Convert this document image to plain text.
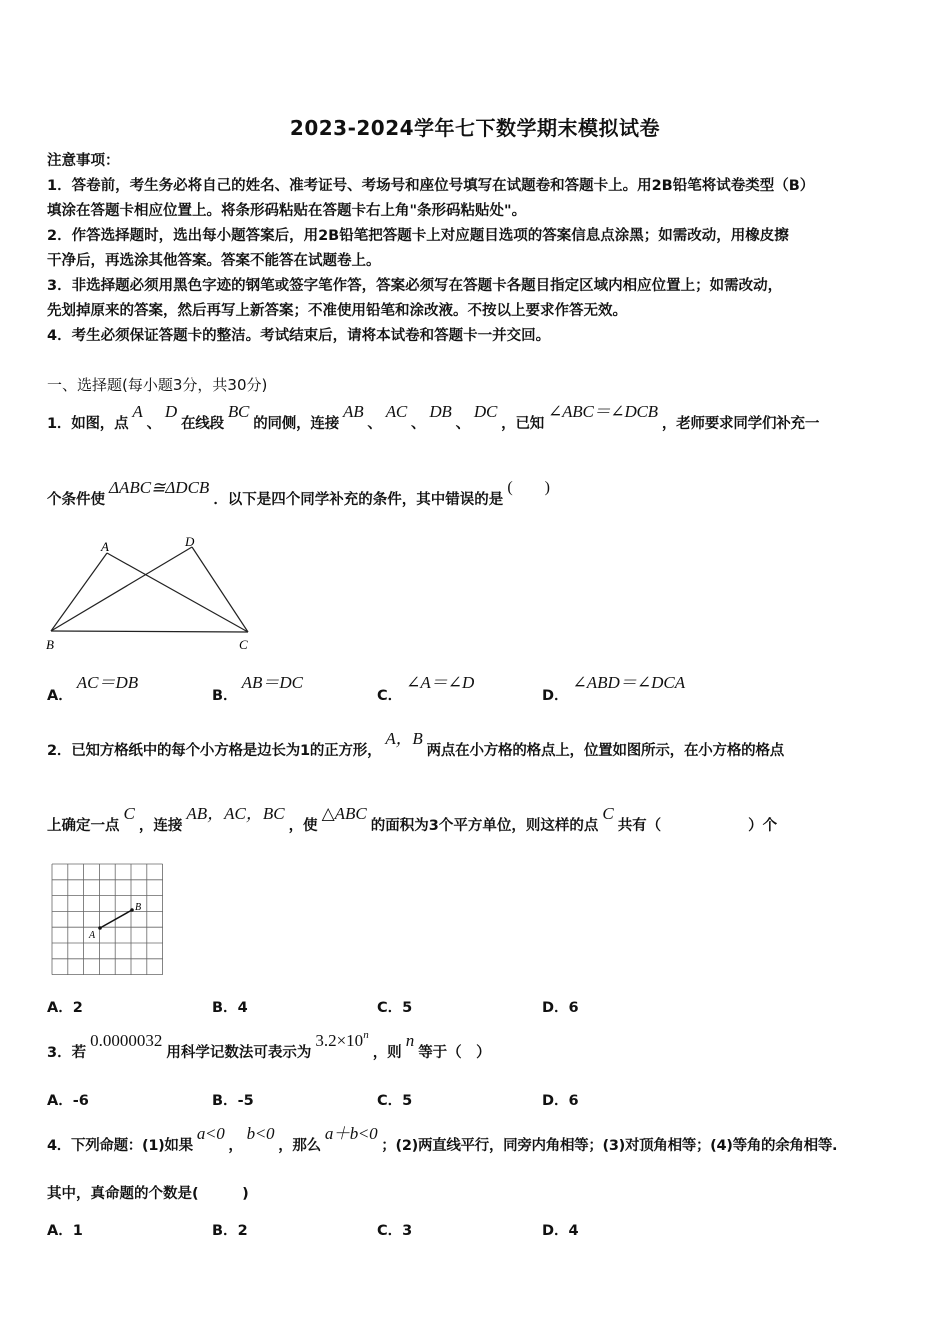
2023-2024学年七下数学期末模拟试卷
注意事项：
1．答卷前，考生务必将自己的姓名、准考证号、考场号和座位号填写在试题卷和答题卡上。用2B铅笔将试卷类型（B）
填涂在答题卡相应位置上。将条形码粘贴在答题卡右上角"条形码粘贴处"。
2．作答选择题时，选出每小题答案后，用2B铅笔把答题卡上对应题目选项的答案信息点涂黑；如需改动，用橡皮擦
干净后，再选涂其他答案。答案不能答在试题卷上。
3．非选择题必须用黑色字迹的钢笔或签字笔作答，答案必须写在答题卡各题目指定区域内相应位置上；如需改动，
先划掉原来的答案，然后再写上新答案；不准使用铅笔和涂改液。不按以上要求作答无效。
4．考生必须保证答题卡的整洁。考试结束后，请将本试卷和答题卡一并交回。
一、选择题(每小题3分，共30分)
1．如图，点A、D在线段BC的同侧，连接AB、AC、DB、DC，已知∠ABC＝∠DCB，老师要求同学们补充一
个条件使ΔABC≅ΔDCB．以下是四个同学补充的条件，其中错误的是(　　)
A	D
B	C
A．AC＝DB
B．AB＝DC
C．∠A＝∠D
D．∠ABD＝∠DCA
2．已知方格纸中的每个小方格是边长为1的正方形，A，B两点在小方格的格点上，位置如图所示，在小方格的格点
上确定一点C，连接AB，AC，BC，使△ABC的面积为3个平方单位，则这样的点C共有（　　　　　　）个
A
B
A．2	B．4	C．5	D．6
3．若0.0000032用科学记数法可表示为$3.2\times 10^n$，则n等于（　）
A．-6	B．-5	C．5	D．6
4．下列命题：(1)如果a<0，b<0，那么a＋b<0；(2)两直线平行，同旁内角相等；(3)对顶角相等；(4)等角的余角相等.
其中，真命题的个数是(　　　)
A．1	B．2	C．3	D．4
